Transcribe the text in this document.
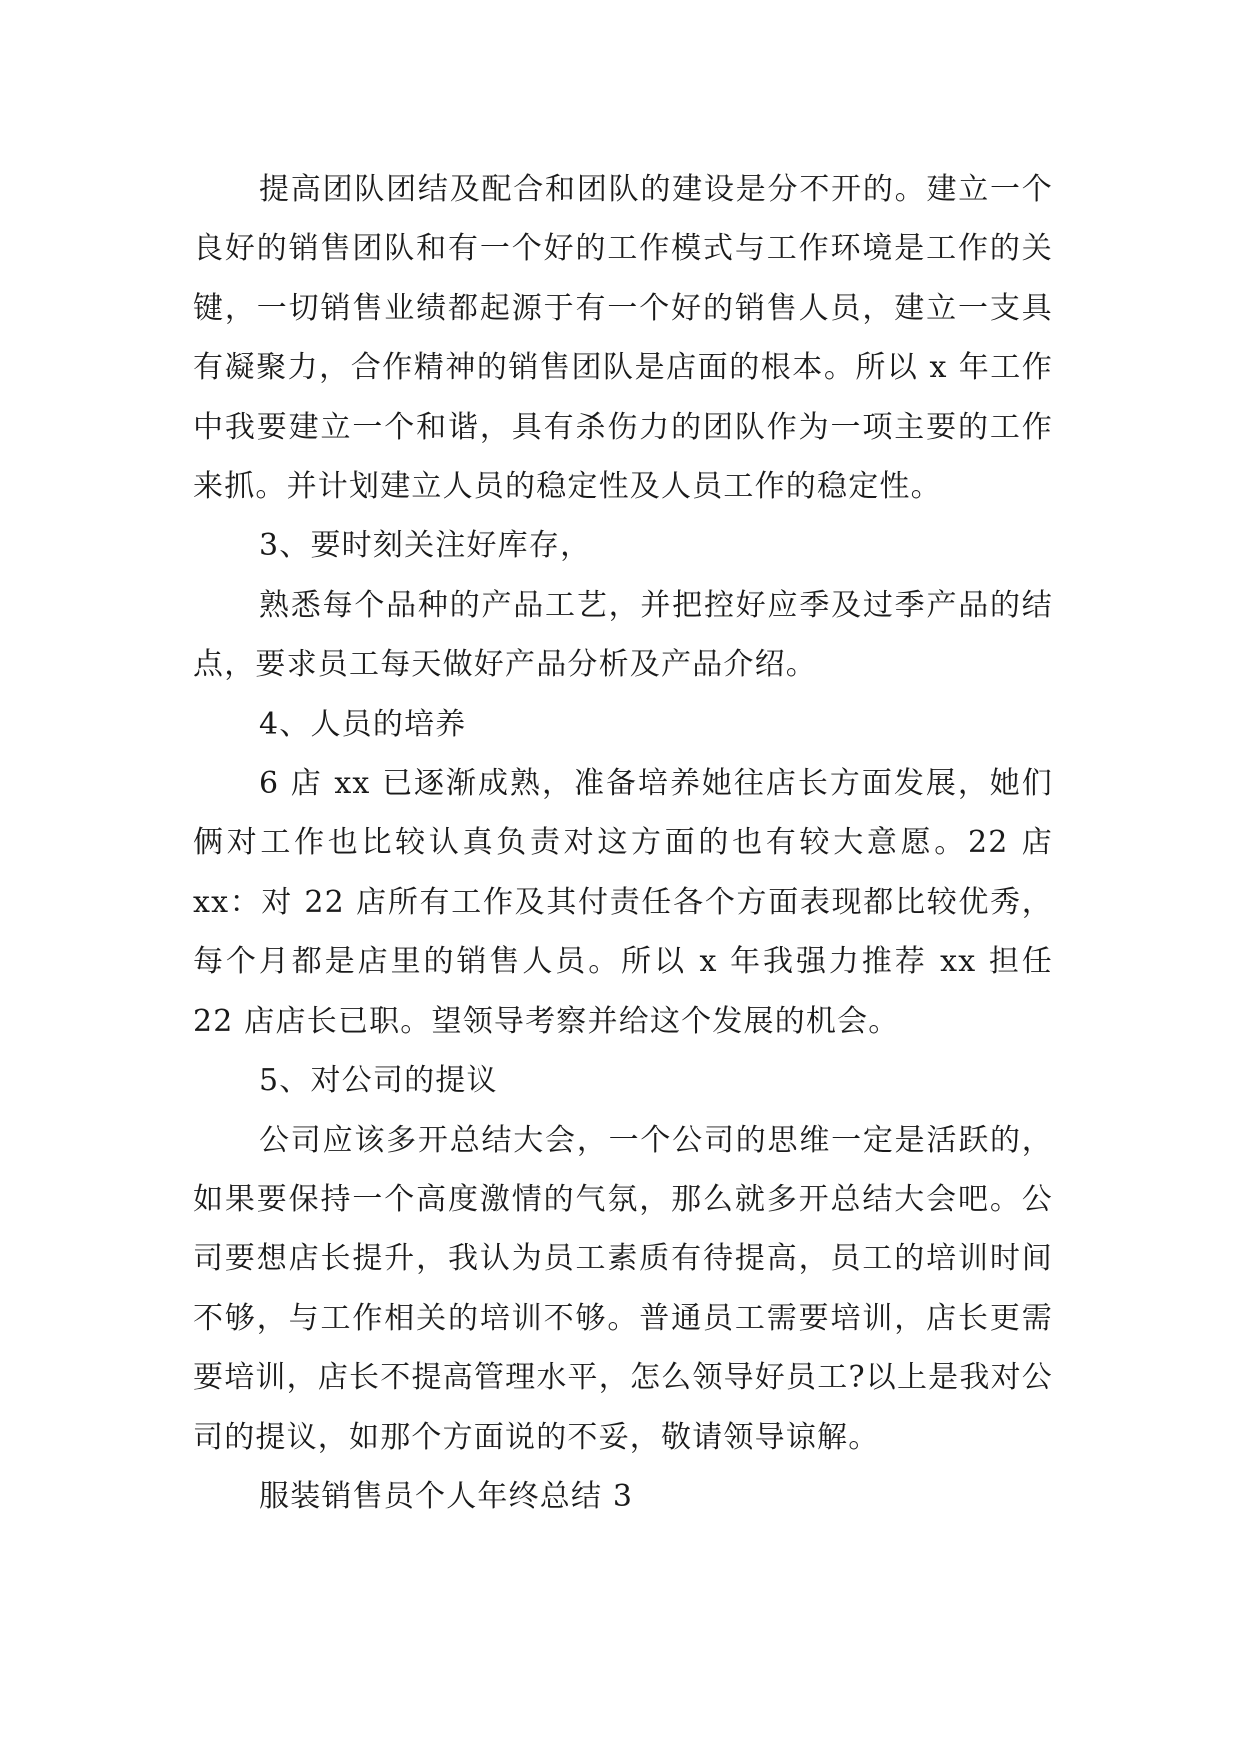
提高团队团结及配合和团队的建设是分不开的。建立一个良好的销售团队和有一个好的工作模式与工作环境是工作的关键，一切销售业绩都起源于有一个好的销售人员，建立一支具有凝聚力，合作精神的销售团队是店面的根本。所以 x 年工作中我要建立一个和谐，具有杀伤力的团队作为一项主要的工作来抓。并计划建立人员的稳定性及人员工作的稳定性。

3、要时刻关注好库存，

熟悉每个品种的产品工艺，并把控好应季及过季产品的结点，要求员工每天做好产品分析及产品介绍。

4、人员的培养

6 店 xx 已逐渐成熟，准备培养她往店长方面发展，她们俩对工作也比较认真负责对这方面的也有较大意愿。22 店 xx：对 22 店所有工作及其付责任各个方面表现都比较优秀，每个月都是店里的销售人员。所以 x 年我强力推荐 xx 担任 22 店店长已职。望领导考察并给这个发展的机会。

5、对公司的提议

公司应该多开总结大会，一个公司的思维一定是活跃的，如果要保持一个高度激情的气氛，那么就多开总结大会吧。公司要想店长提升，我认为员工素质有待提高，员工的培训时间不够，与工作相关的培训不够。普通员工需要培训，店长更需要培训，店长不提高管理水平，怎么领导好员工?以上是我对公司的提议，如那个方面说的不妥，敬请领导谅解。

服装销售员个人年终总结 3
